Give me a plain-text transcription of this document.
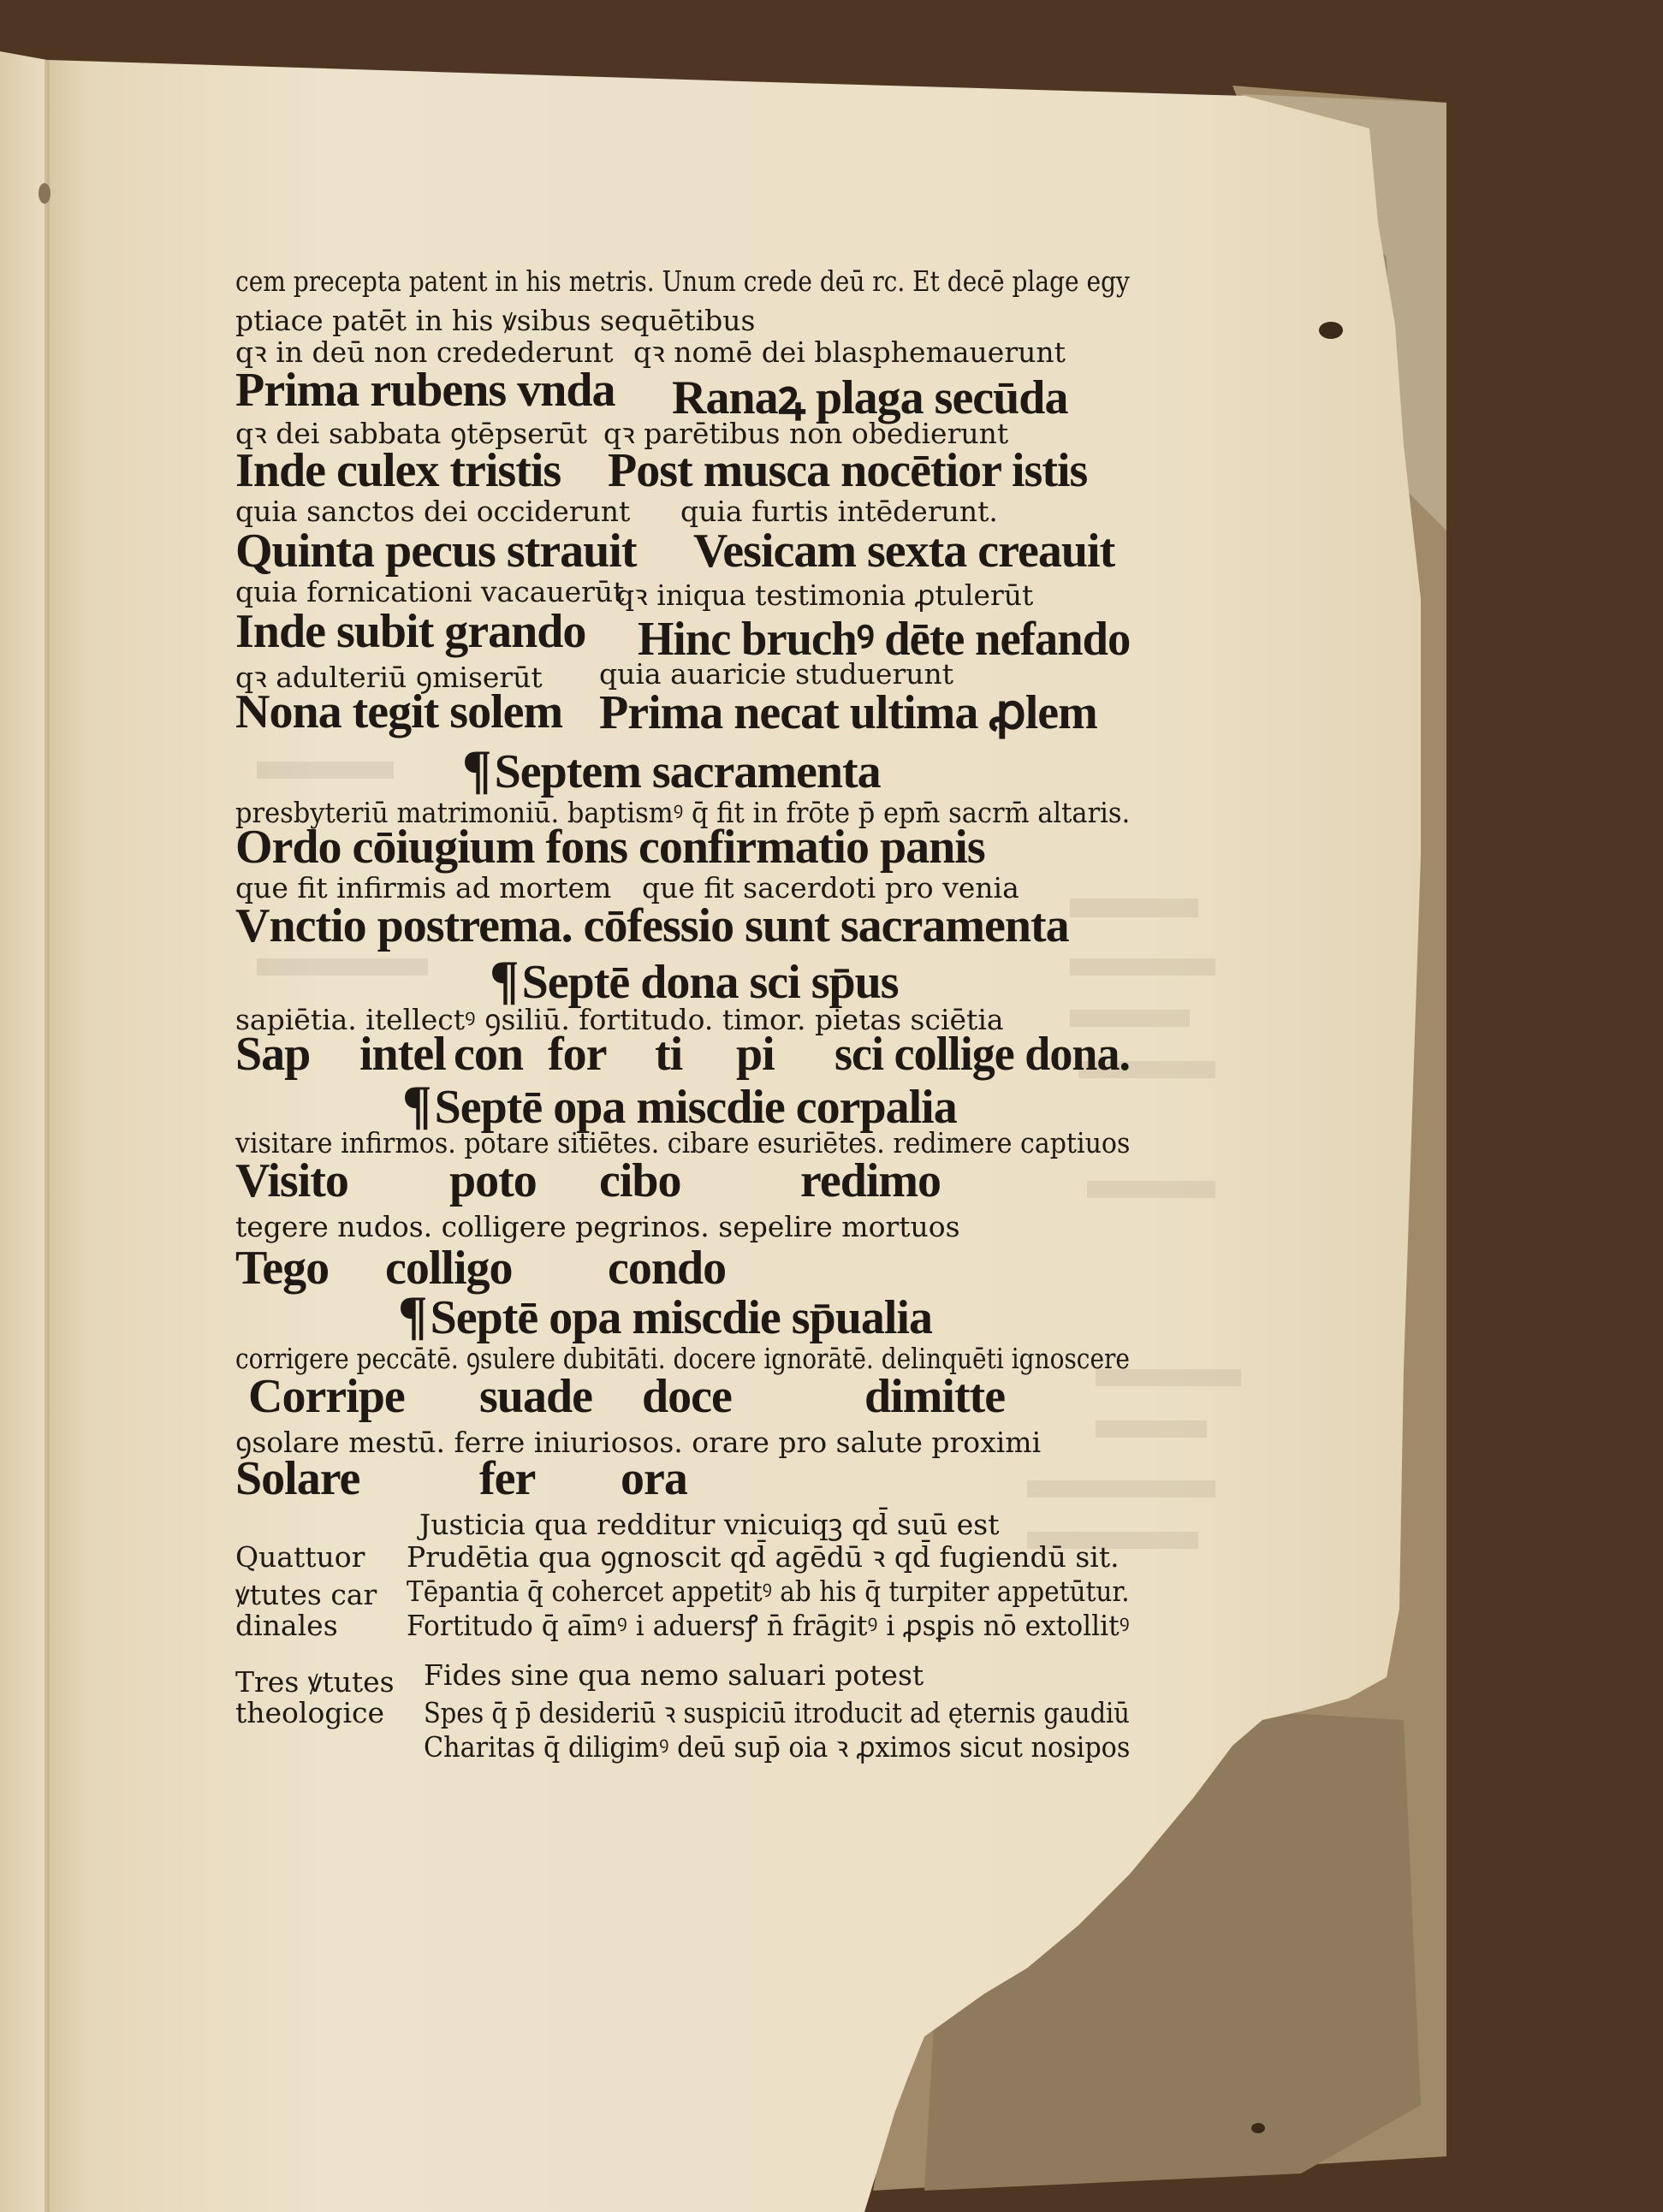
cem precepta patent in his metris. Unum crede deū rc. Et decē plage egy
ptiace patēt in his ꝟsibus sequētibus
qꝛ in deū non credederunt qꝛ nomē dei blasphemauerunt
Prima rubens vnda Ranaꝝ plaga secūda
qꝛ dei sabbata ꝯtēpserūt qꝛ parētibus non obedierunt
Inde culex tristis Post musca nocētior istis
quia sanctos dei occiderunt quia furtis intēderunt.
Quinta pecus strauit Vesicam sexta creauit
quia fornicationi vacauerūt
qꝛ iniqua testimonia ꝓtulerūt
Inde subit grando Hinc bruchꝰ dēte nefando
qꝛ adulteriū ꝯmiserūt quia auaricie studuerunt
Nona tegit solem Prima necat ultima ꝓlem
¶Septem sacramenta
presbyteriū matrimoniū. baptismꝰ q̄ fit in frōte p̄ epm̄ sacrm̄ altaris.
Ordo cōiugium fons confirmatio panis
que fit infirmis ad mortem que fit sacerdoti pro venia
Vnctio postrema. cōfessio sunt sacramenta
¶Septē dona sci sp̄us
sapiētia. itellectꝰ ꝯsiliū. fortitudo. timor. pietas sciētia
Sap intel con for ti pi sci collige dona.
¶Septē opa miscdie corpalia
visitare infirmos. potare sitiētes. cibare esuriētes. redimere captiuos
Visito poto cibo redimo
tegere nudos. colligere pegrinos. sepelire mortuos
Tego colligo condo
¶Septē opa miscdie sp̄ualia
corrigere peccātē. ꝯsulere dubitāti. docere ignorātē. delinquēti ignoscere
Corripe suade doce	dimitte
ꝯsolare mestū. ferre iniuriosos. orare pro salute proximi
Solare fer ora
Justicia qua redditur vnicuiqꝫ qd̄ suū est
Quattuor Prudētia qua ꝯgnoscit qd̄ agēdū ꝛ qd̄ fugiendū sit.
ꝟtutes car Tēpantia q̄ cohercet appetitꝰ ab his q̄ turpiter appetūtur.
dinales Fortitudo q̄ aīmꝰ i aduersꝭ n̄ frāgitꝰ i ꝓsꝑis nō extollitꝰ
Tres ꝟtutes Fides sine qua nemo saluari potest
theologice Spes q̄ p̄ desideriū ꝛ suspiciū itroducit ad ęternis gaudiū
Charitas q̄ diligimꝰ deū sup̄ oia ꝛ ꝓximos sicut nosipos
